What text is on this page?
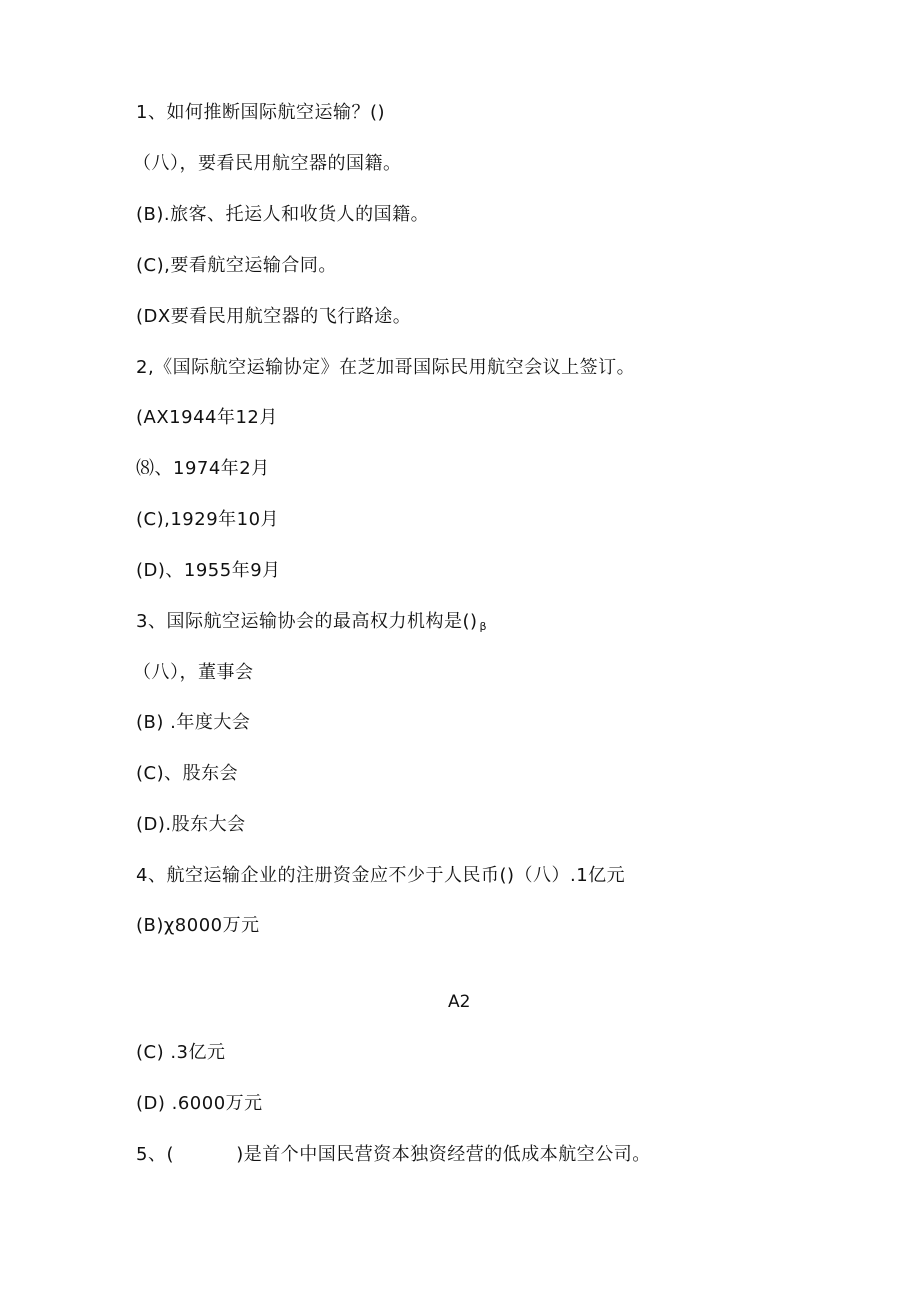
1、如何推断国际航空运输？()
（八），要看民用航空器的国籍。
(B).旅客、托运人和收货人的国籍。
(C),要看航空运输合同。
(DX要看民用航空器的飞行路途。
2,《国际航空运输协定》在芝加哥国际民用航空会议上签订。
(AX1944年12月
⑻、1974年2月
(C),1929年10月
(D)、1955年9月
3、国际航空运输协会的最高权力机构是() $_\beta$
（八），董事会
(B) .年度大会
(C)、股东会
(D).股东大会
4、航空运输企业的注册资金应不少于人民币()（八）.1亿元
(B)χ8000万元
A2
(C) .3亿元
(D) .6000万元
5、(          )是首个中国民营资本独资经营的低成本航空公司。
